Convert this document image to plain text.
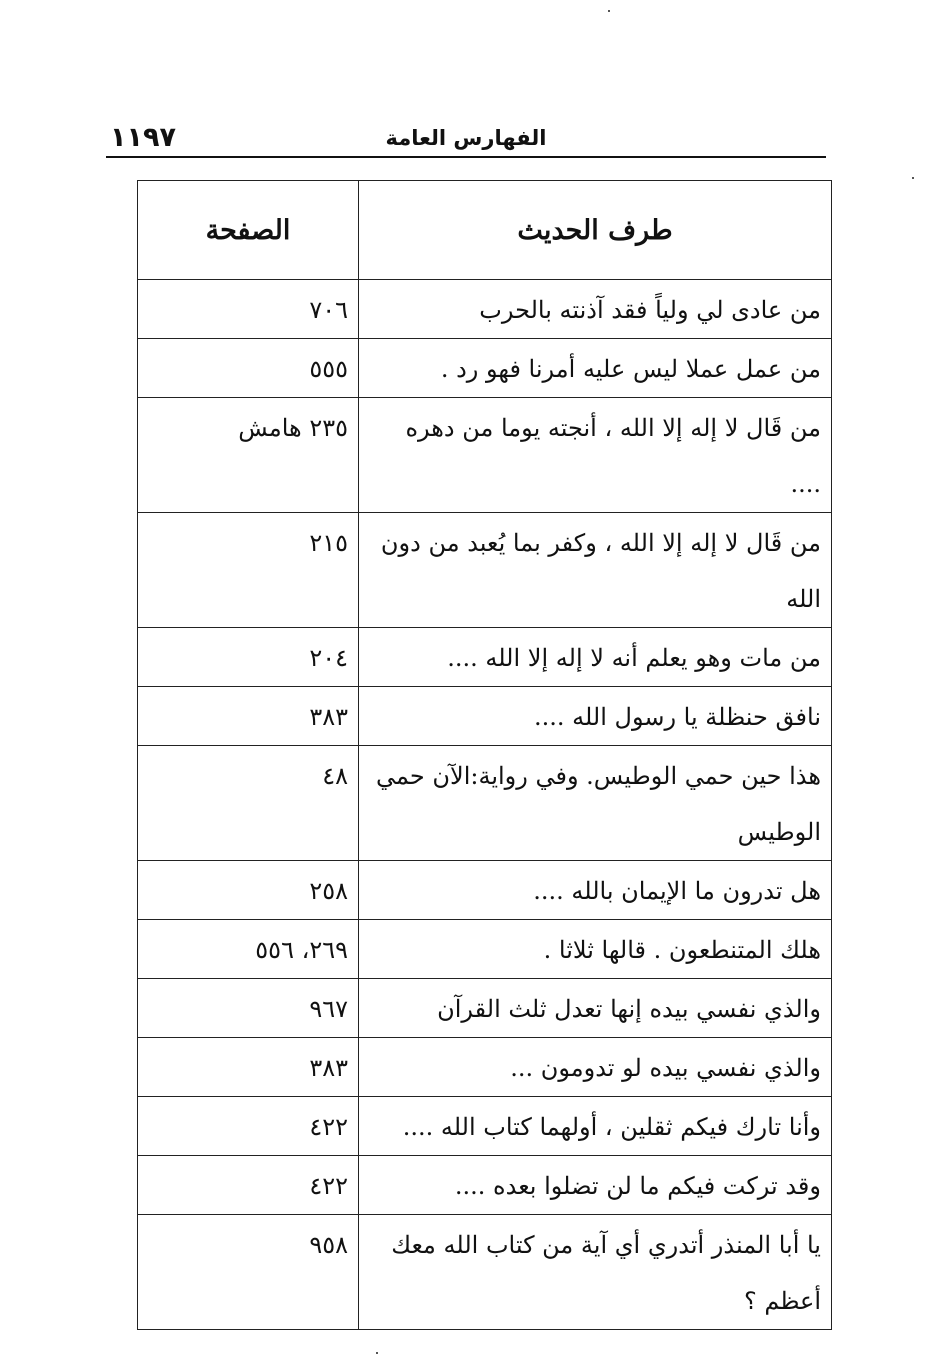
١١٩٧	الفهارس العامة
طرف الحديث	الصفحة
من عادى لي ولياً فقد آذنته بالحرب	٧٠٦
من عمل عملا ليس عليه أمرنا فهو رد .	٥٥٥
من قَال لا إله إلا الله ، أنجته يوما من دهره ....	٢٣٥ هامش
من قَال لا إله إلا الله ، وكفر بما يُعبد من دون الله	٢١٥
من مات وهو يعلم أنه لا إله إلا الله ....	٢٠٤
نافق حنظلة يا رسول الله ....	٣٨٣
هذا حين حمي الوطيس. وفي رواية:الآن حمي الوطيس	٤٨
هل تدرون ما الإيمان بالله ....	٢٥٨
هلك المتنطعون . قالها ثلاثا .	٢٦٩، ٥٥٦
والذي نفسي بيده إنها تعدل ثلث القرآن	٩٦٧
والذي نفسي بيده لو تدومون ...	٣٨٣
وأنا تارك فيكم ثقلين ، أولهما كتاب الله ....	٤٢٢
وقد تركت فيكم ما لن تضلوا بعده ....	٤٢٢
يا أبا المنذر أتدري أي آية من كتاب الله معك أعظم ؟	٩٥٨
